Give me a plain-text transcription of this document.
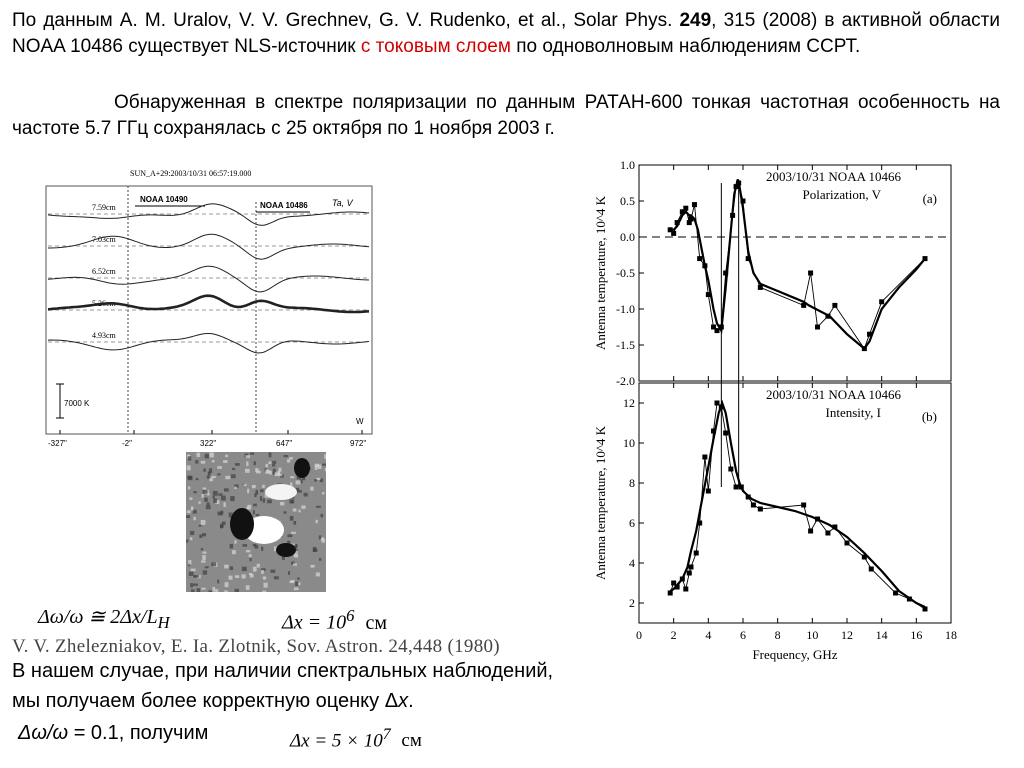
По данным A. M. Uralov, V. V. Grechnev, G. V. Rudenko, et al., Solar Phys. 249, 315 (2008) в активной области NOAA 10486 существует NLS-источник с токовым слоем по одноволновым наблюдениям ССРТ.
Обнаруженная в спектре поляризации по данным РАТАН-600 тонкая частотная особенность на частоте 5.7 ГГц сохранялась с 25 октября по 1 ноября 2003 г.
SUN_A+29:2003/10/31 06:57:19.000
NOAA 10490
NOAA 10486	Ta, V
7.59cm
7.03cm
6.52cm
5.26cm
4.93cm
7000 K
W
-327"	-2"	322"	647"	972"
1.0
0.5
0.0
-0.5
-1.0
-1.5
-2.0
Antenna temperature, 10^4 K
2003/10/31 NOAA 10466
Polarization, V	(a)
12
10
8
6
4
2
0 2 4 6 8 10 12 14 16 18
Frequency, GHz
Antenna temperature, 10^4 K
2003/10/31 NOAA 10466
Intensity, I	(b)
Δω/ω ≅ $2\Delta x/L_H$	$\Delta x = 10^6$ см
V. V. Zheleznіakov, E. Ia. Zlotnik, Sov. Astron. 24,448 (1980)
В нашем случае, при наличии спектральных наблюдений,
мы получаем более корректную оценку Δx.
Δω/ω = 0.1, получим	$\Delta x = 5 \times 10^7$ см
